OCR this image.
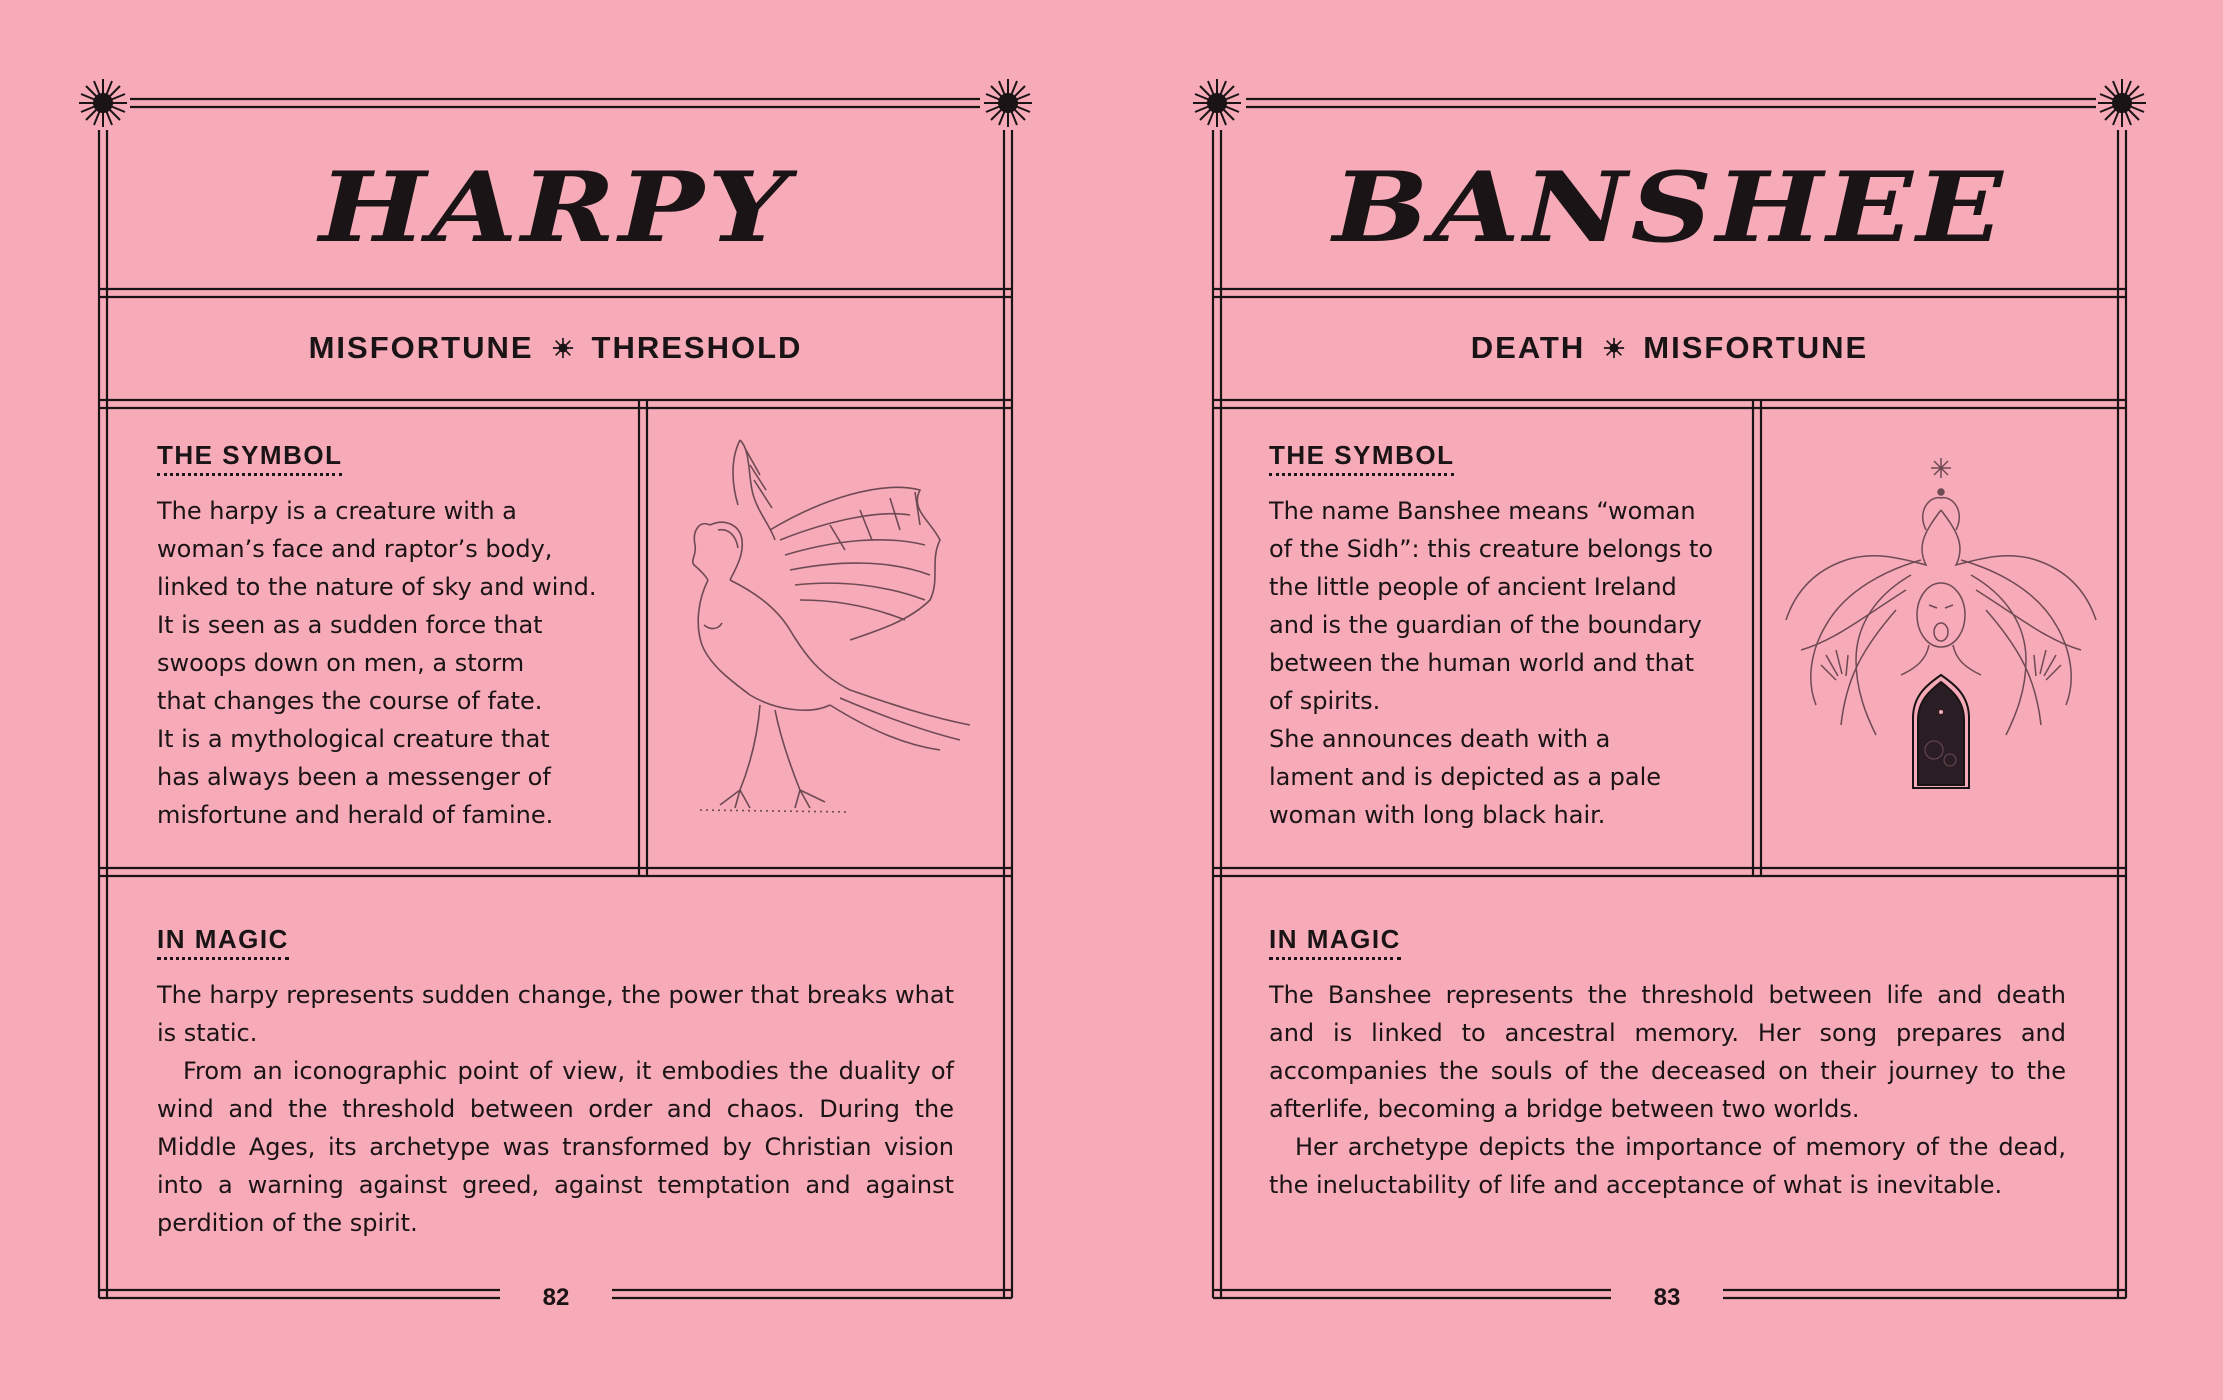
HARPY
MISFORTUNE THRESHOLD
THE SYMBOL
The harpy is a creature with a
woman’s face and raptor’s body,
linked to the nature of sky and wind.
It is seen as a sudden force that
swoops down on men, a storm
that changes the course of fate.
It is a mythological creature that
has always been a messenger of
misfortune and herald of famine.
IN MAGIC
The harpy represents sudden change, the power that breaks what is static.
From an iconographic point of view, it embodies the duality of wind and the threshold between order and chaos. During the Middle Ages, its archetype was transformed by Christian vision into a warning against greed, against temptation and against perdition of the spirit.
82
BANSHEE
DEATH MISFORTUNE
THE SYMBOL
The name Banshee means “woman
of the Sidh”: this creature belongs to
the little people of ancient Ireland
and is the guardian of the boundary
between the human world and that
of spirits.
She announces death with a
lament and is depicted as a pale
woman with long black hair.
IN MAGIC
The Banshee represents the threshold between life and death and is linked to ancestral memory. Her song prepares and accompanies the souls of the deceased on their journey to the afterlife, becoming a bridge between two worlds.
Her archetype depicts the importance of memory of the dead, the ineluctability of life and acceptance of what is inevitable.
83
